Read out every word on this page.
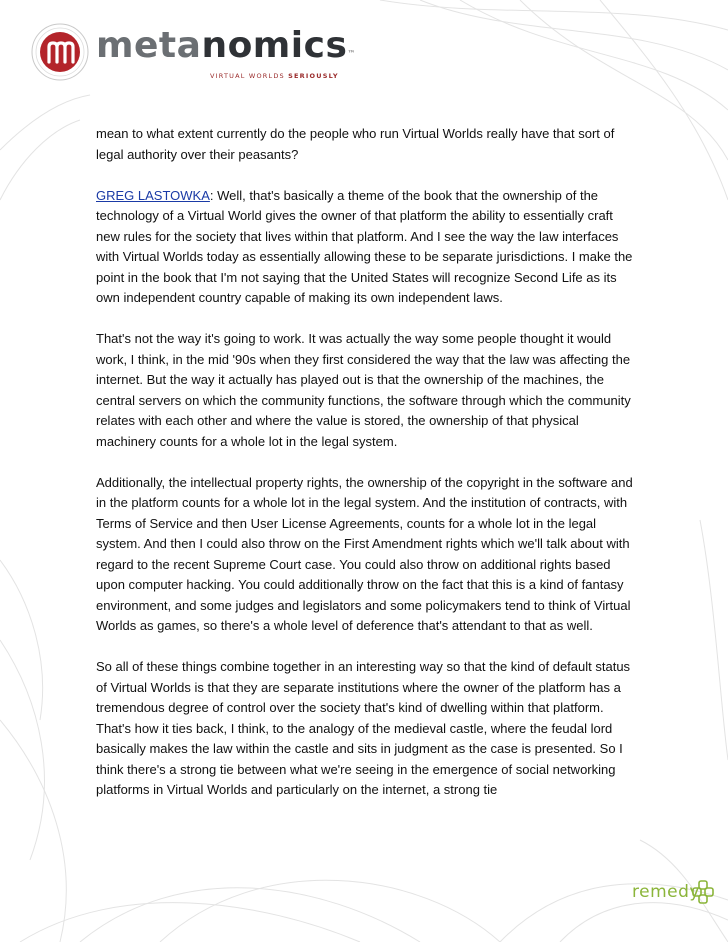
metanomics™
VIRTUAL WORLDS SERIOUSLY

mean to what extent currently do the people who run Virtual Worlds really have that sort of legal authority over their peasants?

GREG LASTOWKA: Well, that's basically a theme of the book that the ownership of the technology of a Virtual World gives the owner of that platform the ability to essentially craft new rules for the society that lives within that platform. And I see the way the law interfaces with Virtual Worlds today as essentially allowing these to be separate jurisdictions. I make the point in the book that I'm not saying that the United States will recognize Second Life as its own independent country capable of making its own independent laws.

That's not the way it's going to work. It was actually the way some people thought it would work, I think, in the mid '90s when they first considered the way that the law was affecting the internet. But the way it actually has played out is that the ownership of the machines, the central servers on which the community functions, the software through which the community relates with each other and where the value is stored, the ownership of that physical machinery counts for a whole lot in the legal system.

Additionally, the intellectual property rights, the ownership of the copyright in the software and in the platform counts for a whole lot in the legal system. And the institution of contracts, with Terms of Service and then User License Agreements, counts for a whole lot in the legal system. And then I could also throw on the First Amendment rights which we'll talk about with regard to the recent Supreme Court case. You could also throw on additional rights based upon computer hacking. You could additionally throw on the fact that this is a kind of fantasy environment, and some judges and legislators and some policymakers tend to think of Virtual Worlds as games, so there's a whole level of deference that's attendant to that as well.

So all of these things combine together in an interesting way so that the kind of default status of Virtual Worlds is that they are separate institutions where the owner of the platform has a tremendous degree of control over the society that's kind of dwelling within that platform. That's how it ties back, I think, to the analogy of the medieval castle, where the feudal lord basically makes the law within the castle and sits in judgment as the case is presented. So I think there's a strong tie between what we're seeing in the emergence of social networking platforms in Virtual Worlds and particularly on the internet, a strong tie

remedy
